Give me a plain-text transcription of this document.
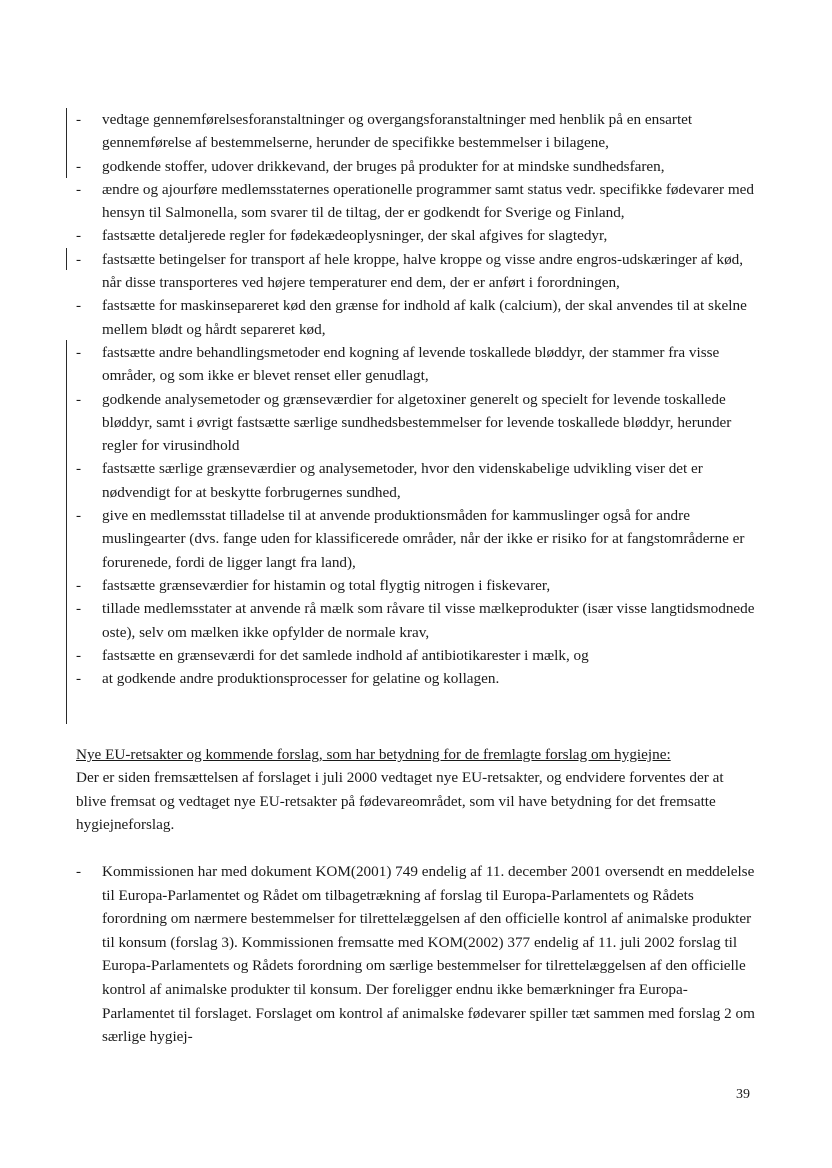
- vedtage gennemførelsesforanstaltninger og overgangsforanstaltninger med henblik på en ensartet gennemførelse af bestemmelserne, herunder de specifikke bestemmelser i bilagene,
- godkende stoffer, udover drikkevand, der bruges på produkter for at mindske sundhedsfaren,
- ændre og ajourføre medlemsstaternes operationelle programmer samt status vedr. specifikke fødevarer med hensyn til Salmonella, som svarer til de tiltag, der er godkendt for Sverige og Finland,
- fastsætte detaljerede regler for fødekædeoplysninger, der skal afgives for slagtedyr,
- fastsætte betingelser for transport af hele kroppe, halve kroppe og visse andre engros-udskæringer af kød, når disse transporteres ved højere temperaturer end dem, der er anført i forordningen,
- fastsætte for maskinsepareret kød den grænse for indhold af kalk (calcium), der skal anvendes til at skelne mellem blødt og hårdt separeret kød,
- fastsætte andre behandlingsmetoder end kogning af levende toskallede bløddyr, der stammer fra visse områder, og som ikke er blevet renset eller genudlagt,
- godkende analysemetoder og grænseværdier for algetoxiner generelt og specielt for levende toskallede bløddyr, samt i øvrigt fastsætte særlige sundhedsbestemmelser for levende toskallede bløddyr, herunder regler for virusindhold
- fastsætte særlige grænseværdier og analysemetoder, hvor den videnskabelige udvikling viser det er nødvendigt for at beskytte forbrugernes sundhed,
- give en medlemsstat tilladelse til at anvende produktionsmåden for kammuslinger også for andre muslingearter (dvs. fange uden for klassificerede områder, når der ikke er risiko for at fangstområderne er forurenede, fordi de ligger langt fra land),
- fastsætte grænseværdier for histamin og total flygtig nitrogen i fiskevarer,
- tillade medlemsstater at anvende rå mælk som råvare til visse mælkeprodukter (især visse langtidsmodnede oste), selv om mælken ikke opfylder de normale krav,
- fastsætte en grænseværdi for det samlede indhold af antibiotikarester i mælk, og
- at godkende andre produktionsprocesser for gelatine og kollagen.
Nye EU-retsakter og kommende forslag, som har betydning for de fremlagte forslag om hygiejne:
Der er siden fremsættelsen af forslaget i juli 2000 vedtaget nye EU-retsakter, og endvidere forventes der at blive fremsat og vedtaget nye EU-retsakter på fødevareområdet, som vil have betydning for det fremsatte hygiejneforslag.
- Kommissionen har med dokument KOM(2001) 749 endelig af 11. december 2001 oversendt en meddelelse til Europa-Parlamentet og Rådet om tilbagetrækning af forslag til Europa-Parlamentets og Rådets forordning om nærmere bestemmelser for tilrettelæggelsen af den officielle kontrol af animalske produkter til konsum (forslag 3). Kommissionen fremsatte med KOM(2002) 377 endelig af 11. juli 2002 forslag til Europa-Parlamentets og Rådets forordning om særlige bestemmelser for tilrettelæggelsen af den officielle kontrol af animalske produkter til konsum. Der foreligger endnu ikke bemærkninger fra Europa-Parlamentet til forslaget. Forslaget om kontrol af animalske fødevarer spiller tæt sammen med forslag 2 om særlige hygiej-
39
